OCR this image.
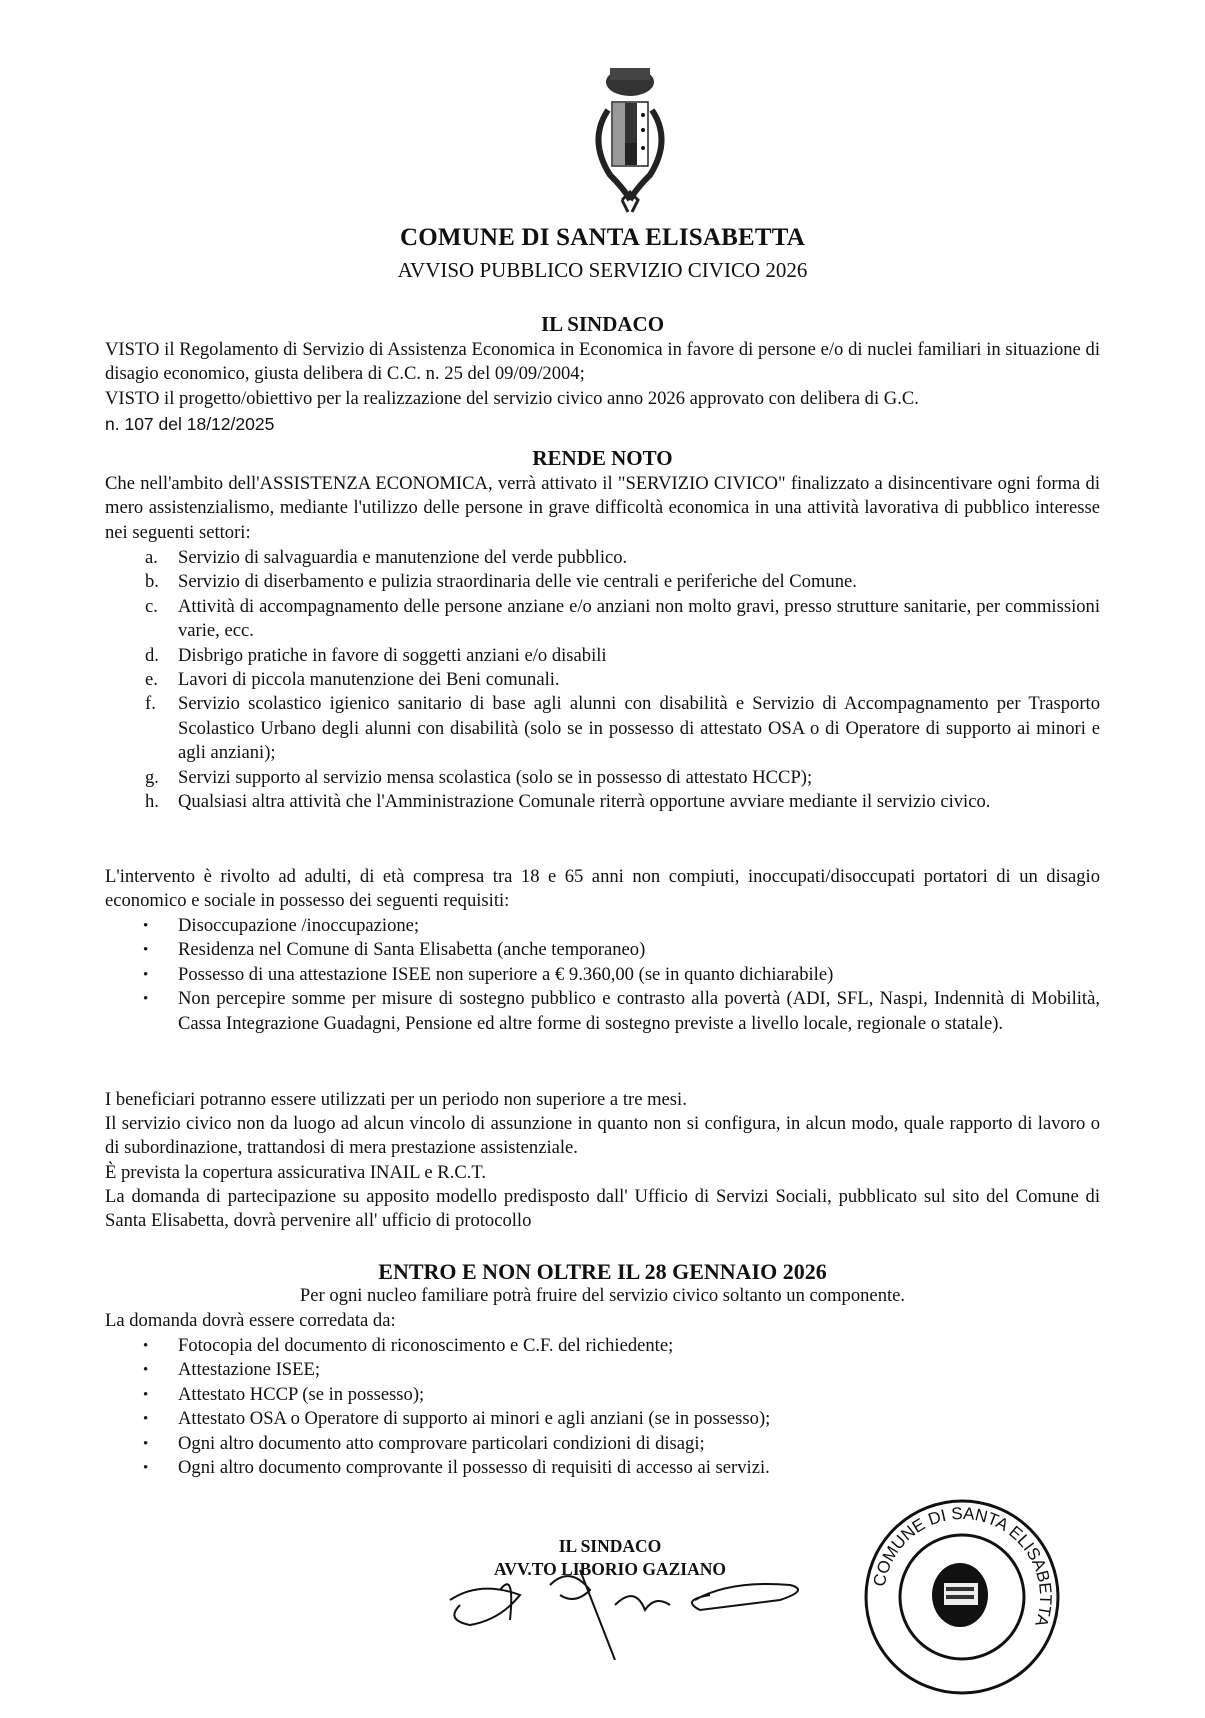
COMUNE DI SANTA ELISABETTA
AVVISO PUBBLICO SERVIZIO CIVICO 2026
IL SINDACO
VISTO il Regolamento di Servizio di Assistenza Economica in Economica in favore di persone e/o di nuclei familiari in situazione di disagio economico, giusta delibera di C.C. n. 25 del 09/09/2004;
VISTO il progetto/obiettivo per la realizzazione del servizio civico anno 2026 approvato con delibera di G.C.
n. 107 del 18/12/2025
RENDE NOTO
Che nell'ambito dell'ASSISTENZA ECONOMICA, verrà attivato il "SERVIZIO CIVICO" finalizzato a disincentivare ogni forma di mero assistenzialismo, mediante l'utilizzo delle persone in grave difficoltà economica in una attività lavorativa di pubblico interesse nei seguenti settori:
a. Servizio di salvaguardia e manutenzione del verde pubblico.
b. Servizio di diserbamento e pulizia straordinaria delle vie centrali e periferiche del Comune.
c. Attività di accompagnamento delle persone anziane e/o anziani non molto gravi, presso strutture sanitarie, per commissioni varie, ecc.
d. Disbrigo pratiche in favore di soggetti anziani e/o disabili
e. Lavori di piccola manutenzione dei Beni comunali.
f. Servizio scolastico igienico sanitario di base agli alunni con disabilità e Servizio di Accompagnamento per Trasporto Scolastico Urbano degli alunni con disabilità (solo se in possesso di attestato OSA o di Operatore di supporto ai minori e agli anziani);
g. Servizi supporto al servizio mensa scolastica (solo se in possesso di attestato HCCP);
h. Qualsiasi altra attività che l'Amministrazione Comunale riterrà opportune avviare mediante il servizio civico.
L'intervento è rivolto ad adulti, di età compresa tra 18 e 65 anni non compiuti, inoccupati/disoccupati portatori di un disagio economico e sociale in possesso dei seguenti requisiti:
• Disoccupazione /inoccupazione;
• Residenza nel Comune di Santa Elisabetta (anche temporaneo)
• Possesso di una attestazione ISEE non superiore a € 9.360,00 (se in quanto dichiarabile)
• Non percepire somme per misure di sostegno pubblico e contrasto alla povertà (ADI, SFL, Naspi, Indennità di Mobilità, Cassa Integrazione Guadagni, Pensione ed altre forme di sostegno previste a livello locale, regionale o statale).
I beneficiari potranno essere utilizzati per un periodo non superiore a tre mesi.
Il servizio civico non da luogo ad alcun vincolo di assunzione in quanto non si configura, in alcun modo, quale rapporto di lavoro o di subordinazione, trattandosi di mera prestazione assistenziale.
È prevista la copertura assicurativa INAIL e R.C.T.
La domanda di partecipazione su apposito modello predisposto dall' Ufficio di Servizi Sociali, pubblicato sul sito del Comune di Santa Elisabetta, dovrà pervenire all' ufficio di protocollo
ENTRO E NON OLTRE IL 28 GENNAIO 2026
Per ogni nucleo familiare potrà fruire del servizio civico soltanto un componente.
La domanda dovrà essere corredata da:
• Fotocopia del documento di riconoscimento e C.F. del richiedente;
• Attestazione ISEE;
• Attestato HCCP (se in possesso);
• Attestato OSA o Operatore di supporto ai minori e agli anziani (se in possesso);
• Ogni altro documento atto comprovare particolari condizioni di disagi;
• Ogni altro documento comprovante il possesso di requisiti di accesso ai servizi.
IL SINDACO
AVV.TO LIBORIO GAZIANO
COMUNE DI SANTA ELISABETTA
